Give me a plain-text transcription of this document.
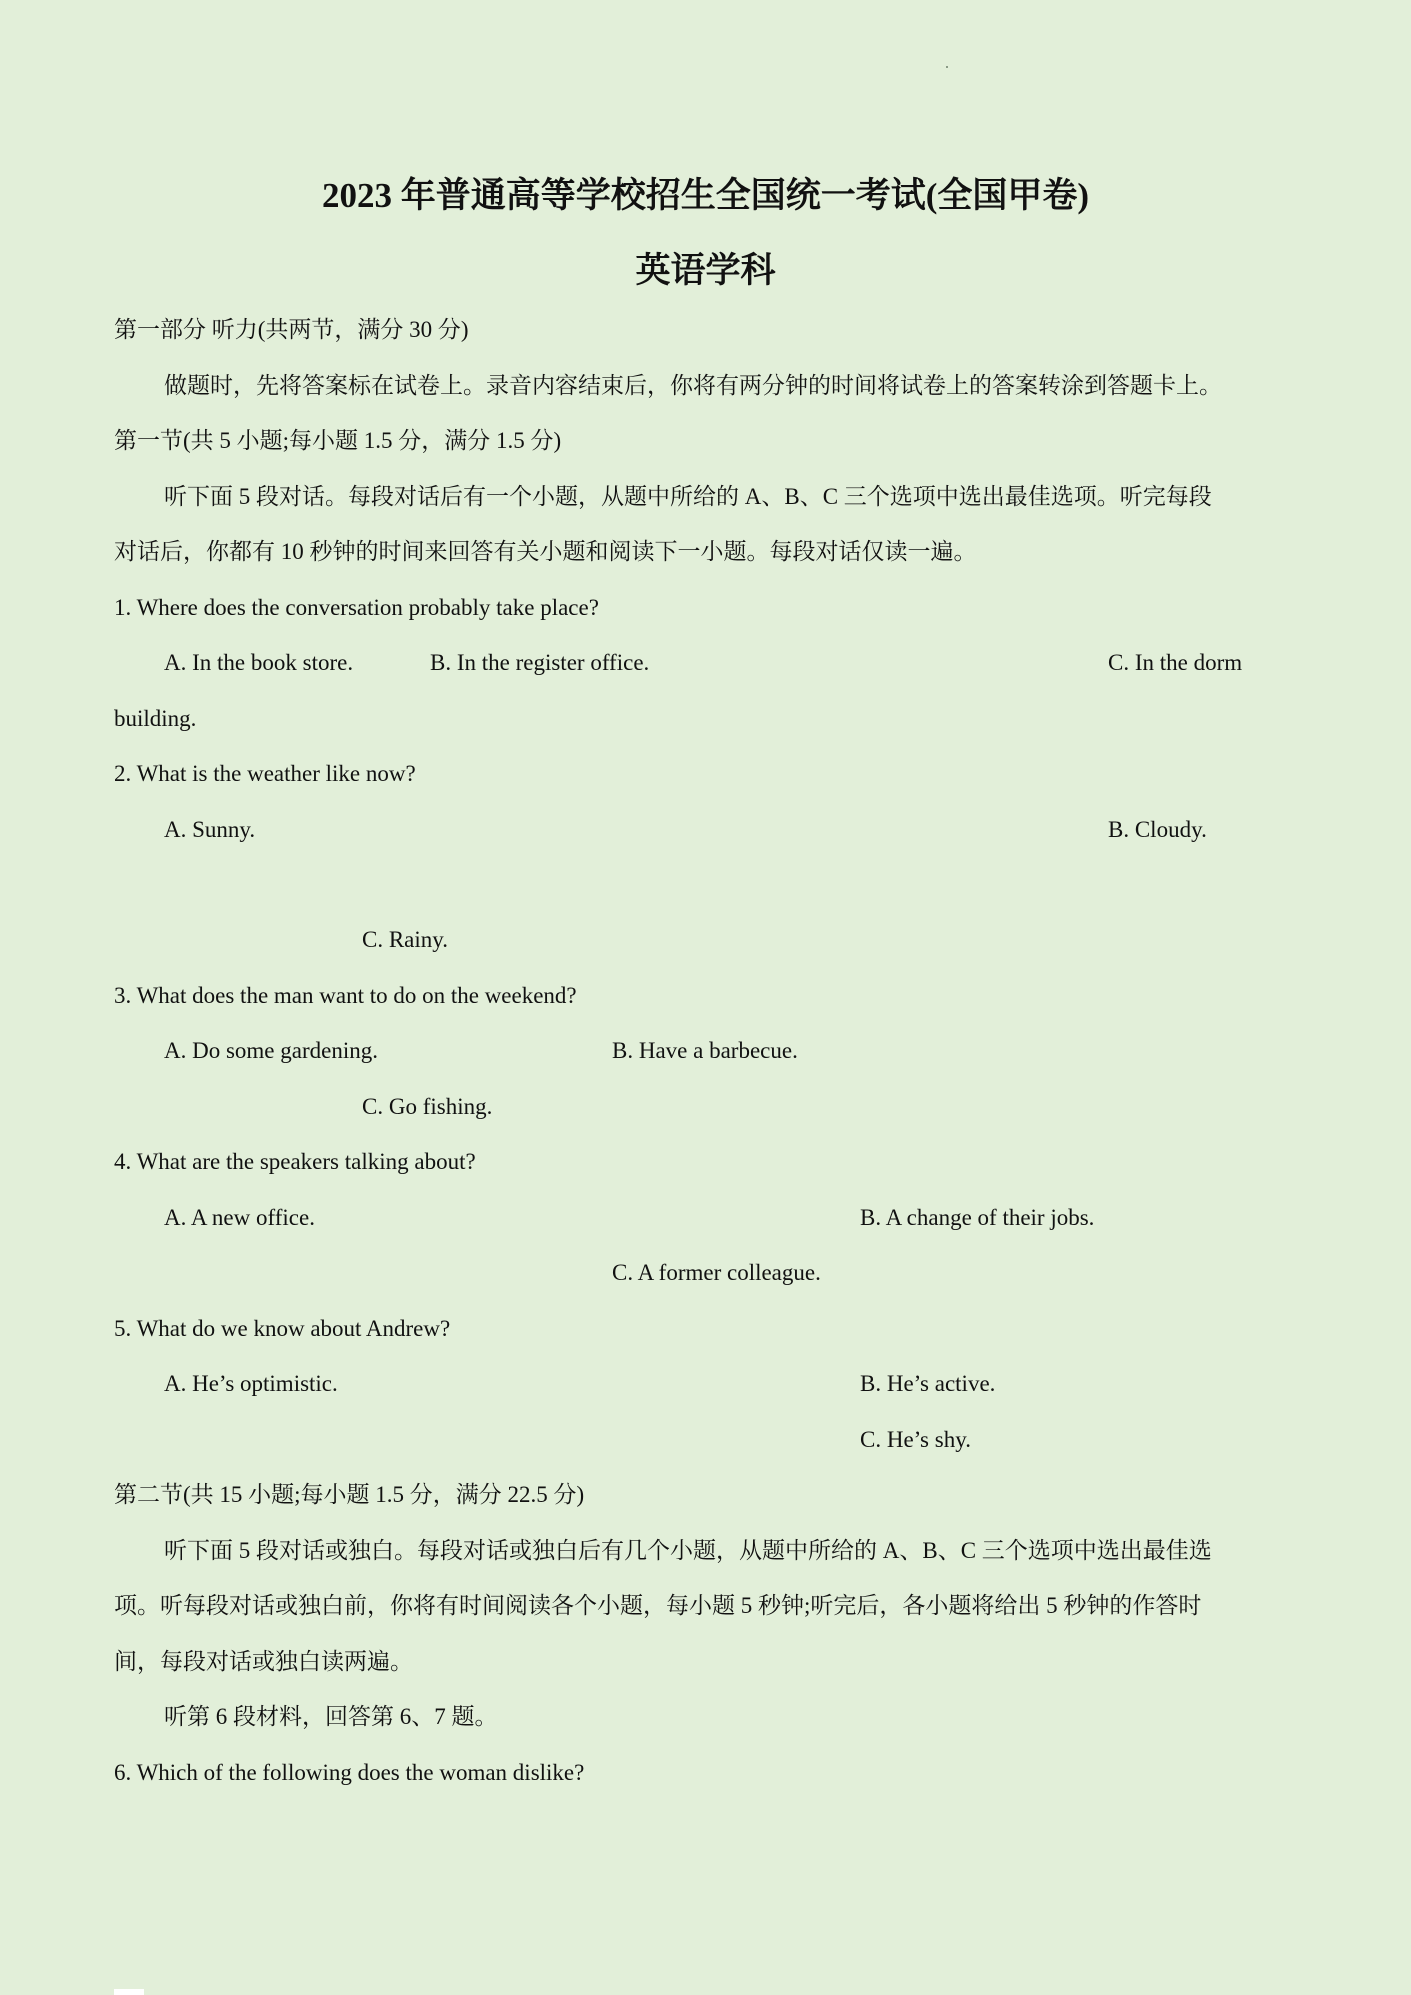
2023 年普通高等学校招生全国统一考试(全国甲卷)
英语学科
第一部分 听力(共两节，满分 30 分)
做题时，先将答案标在试卷上。录音内容结束后，你将有两分钟的时间将试卷上的答案转涂到答题卡上。
第一节(共 5 小题;每小题 1.5 分，满分 1.5 分)
听下面 5 段对话。每段对话后有一个小题，从题中所给的 A、B、C 三个选项中选出最佳选项。听完每段
对话后，你都有 10 秒钟的时间来回答有关小题和阅读下一小题。每段对话仅读一遍。
1. Where does the conversation probably take place?
A. In the book store.	B. In the register office.	C. In the dorm
building.
2. What is the weather like now?
A. Sunny.	B. Cloudy.
C. Rainy.
3. What does the man want to do on the weekend?
A. Do some gardening.	B. Have a barbecue.
C. Go fishing.
4. What are the speakers talking about?
A. A new office.	B. A change of their jobs.
C. A former colleague.
5. What do we know about Andrew?
A. He’s optimistic.	B. He’s active.
C. He’s shy.
第二节(共 15 小题;每小题 1.5 分，满分 22.5 分)
听下面 5 段对话或独白。每段对话或独白后有几个小题，从题中所给的 A、B、C 三个选项中选出最佳选
项。听每段对话或独白前，你将有时间阅读各个小题，每小题 5 秒钟;听完后，各小题将给出 5 秒钟的作答时
间，每段对话或独白读两遍。
听第 6 段材料，回答第 6、7 题。
6. Which of the following does the woman dislike?
